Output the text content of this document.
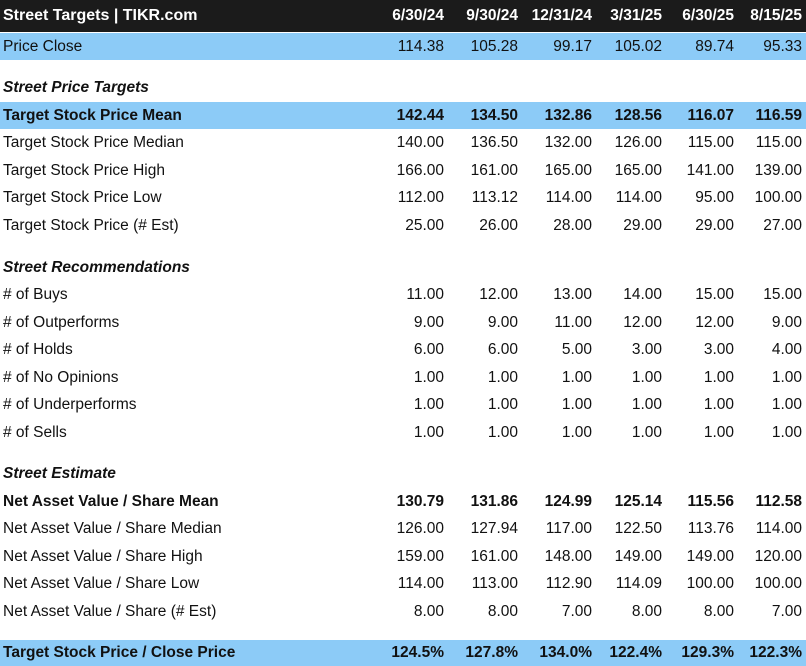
Street Targets | TIKR.com	6/30/24 9/30/24 12/31/24 3/31/25 6/30/25 8/15/25
Price Close	114.38 105.28 99.17 105.02 89.74 95.33
Street Price Targets
Target Stock Price Mean	142.44 134.50 132.86 128.56 116.07 116.59
Target Stock Price Median	140.00 136.50 132.00 126.00 115.00 115.00
Target Stock Price High	166.00 161.00 165.00 165.00 141.00 139.00
Target Stock Price Low	112.00 113.12 114.00 114.00 95.00 100.00
Target Stock Price (# Est)	25.00 26.00 28.00 29.00 29.00 27.00
Street Recommendations
# of Buys	11.00 12.00 13.00 14.00 15.00 15.00
# of Outperforms	9.00	9.00 11.00 12.00 12.00 9.00
# of Holds	6.00	6.00	5.00	3.00	3.00 4.00
# of No Opinions	1.00	1.00	1.00	1.00	1.00 1.00
# of Underperforms	1.00	1.00	1.00	1.00	1.00 1.00
# of Sells	1.00	1.00	1.00	1.00	1.00 1.00
Street Estimate
Net Asset Value / Share Mean	130.79 131.86 124.99 125.14 115.56 112.58
Net Asset Value / Share Median	126.00 127.94 117.00 122.50 113.76 114.00
Net Asset Value / Share High	159.00 161.00 148.00 149.00 149.00 120.00
Net Asset Value / Share Low	114.00 113.00 112.90 114.09 100.00 100.00
Net Asset Value / Share (# Est)	8.00	8.00	7.00	8.00	8.00 7.00
Target Stock Price / Close Price	124.5% 127.8% 134.0% 122.4% 129.3% 122.3%
